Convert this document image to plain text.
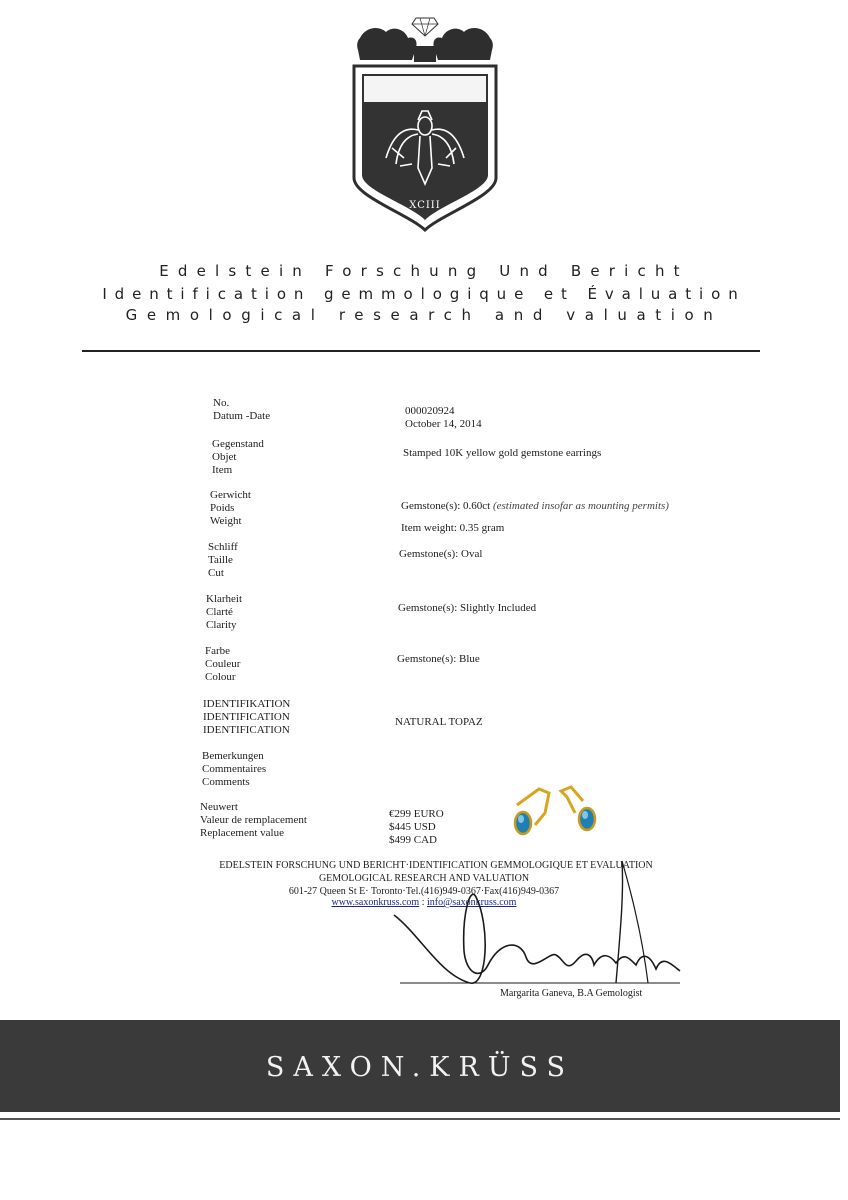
XCIII
Edelstein Forschung Und Bericht
Identification gemmologique et Évaluation
Gemological research and valuation
No.
Datum -Date
Gegenstand
Objet
Item
Gerwicht
Poids
Weight
Schliff
Taille
Cut
Klarheit
Clarté
Clarity
Farbe
Couleur
Colour
IDENTIFIKATION
IDENTIFICATION
IDENTIFICATION
Bemerkungen
Commentaires
Comments
Neuwert
Valeur de remplacement
Replacement value
000020924
October 14, 2014
Stamped 10K yellow gold gemstone earrings
Gemstone(s): 0.60ct (estimated insofar as mounting permits)
Item weight: 0.35 gram
Gemstone(s): Oval
Gemstone(s): Slightly Included
Gemstone(s): Blue
NATURAL TOPAZ
€299 EURO
$445 USD
$499 CAD
EDELSTEIN FORSCHUNG UND BERICHT·IDENTIFICATION GEMMOLOGIQUE ET EVALUATION
GEMOLOGICAL RESEARCH AND VALUATION
601-27 Queen St E· Toronto·Tel.(416)949-0367·Fax(416)949-0367
www.saxonkruss.com : info@saxonkruss.com
Margarita Ganeva, B.A Gemologist
SAXON.KRÜSS
